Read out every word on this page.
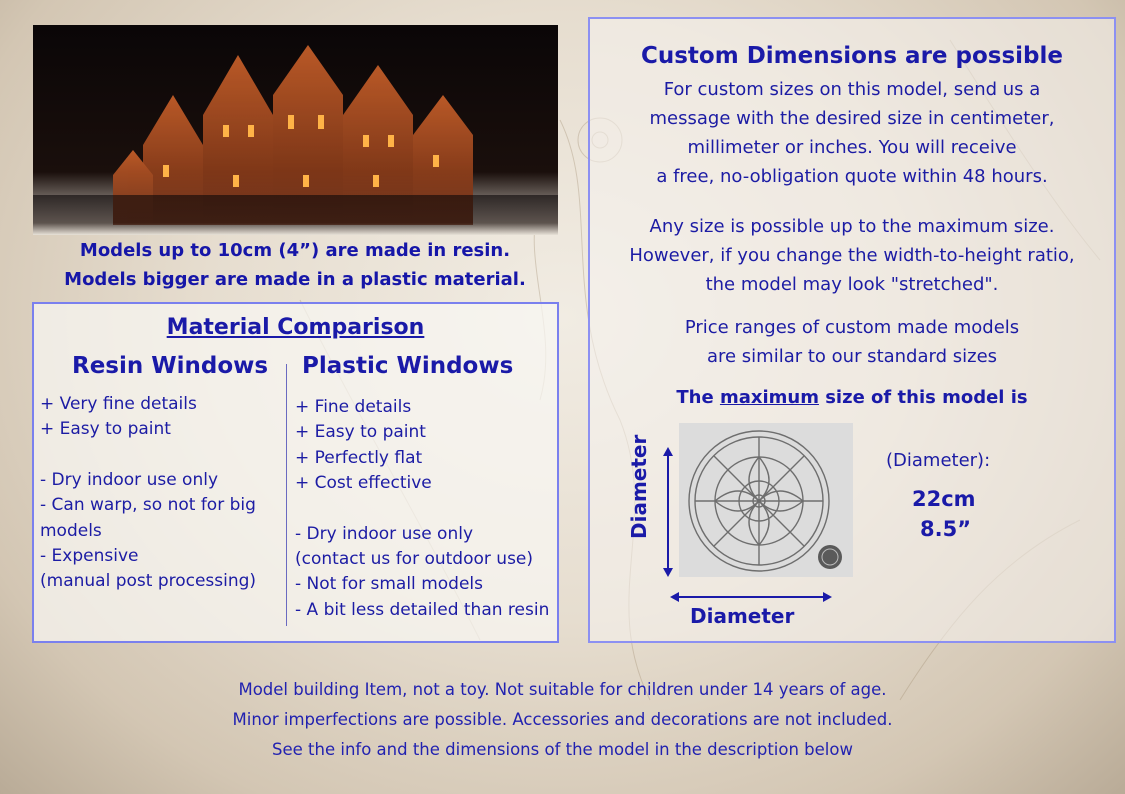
Models up to 10cm (4”) are made in resin.
Models bigger are made in a plastic material.
Material Comparison
Resin Windows Plastic Windows
+ Very fine details
+ Easy to paint
- Dry indoor use only
- Can warp, so not for big
models
- Expensive
(manual post processing)
+ Fine details
+ Easy to paint
+ Perfectly flat
+ Cost effective
- Dry indoor use only
(contact us for outdoor use)
- Not for small models
- A bit less detailed than resin
Custom Dimensions are possible
For custom sizes on this model, send us a
message with the desired size in centimeter,
millimeter or inches. You will receive
a free, no-obligation quote within 48 hours.
Any size is possible up to the maximum size.
However, if you change the width-to-height ratio,
the model may look "stretched".
Price ranges of custom made models
are similar to our standard sizes
The maximum size of this model is
Diameter
Diameter
(Diameter):
22cm
8.5”
Model building Item, not a toy. Not suitable for children under 14 years of age.
Minor imperfections are possible. Accessories and decorations are not included.
See the info and the dimensions of the model in the description below
